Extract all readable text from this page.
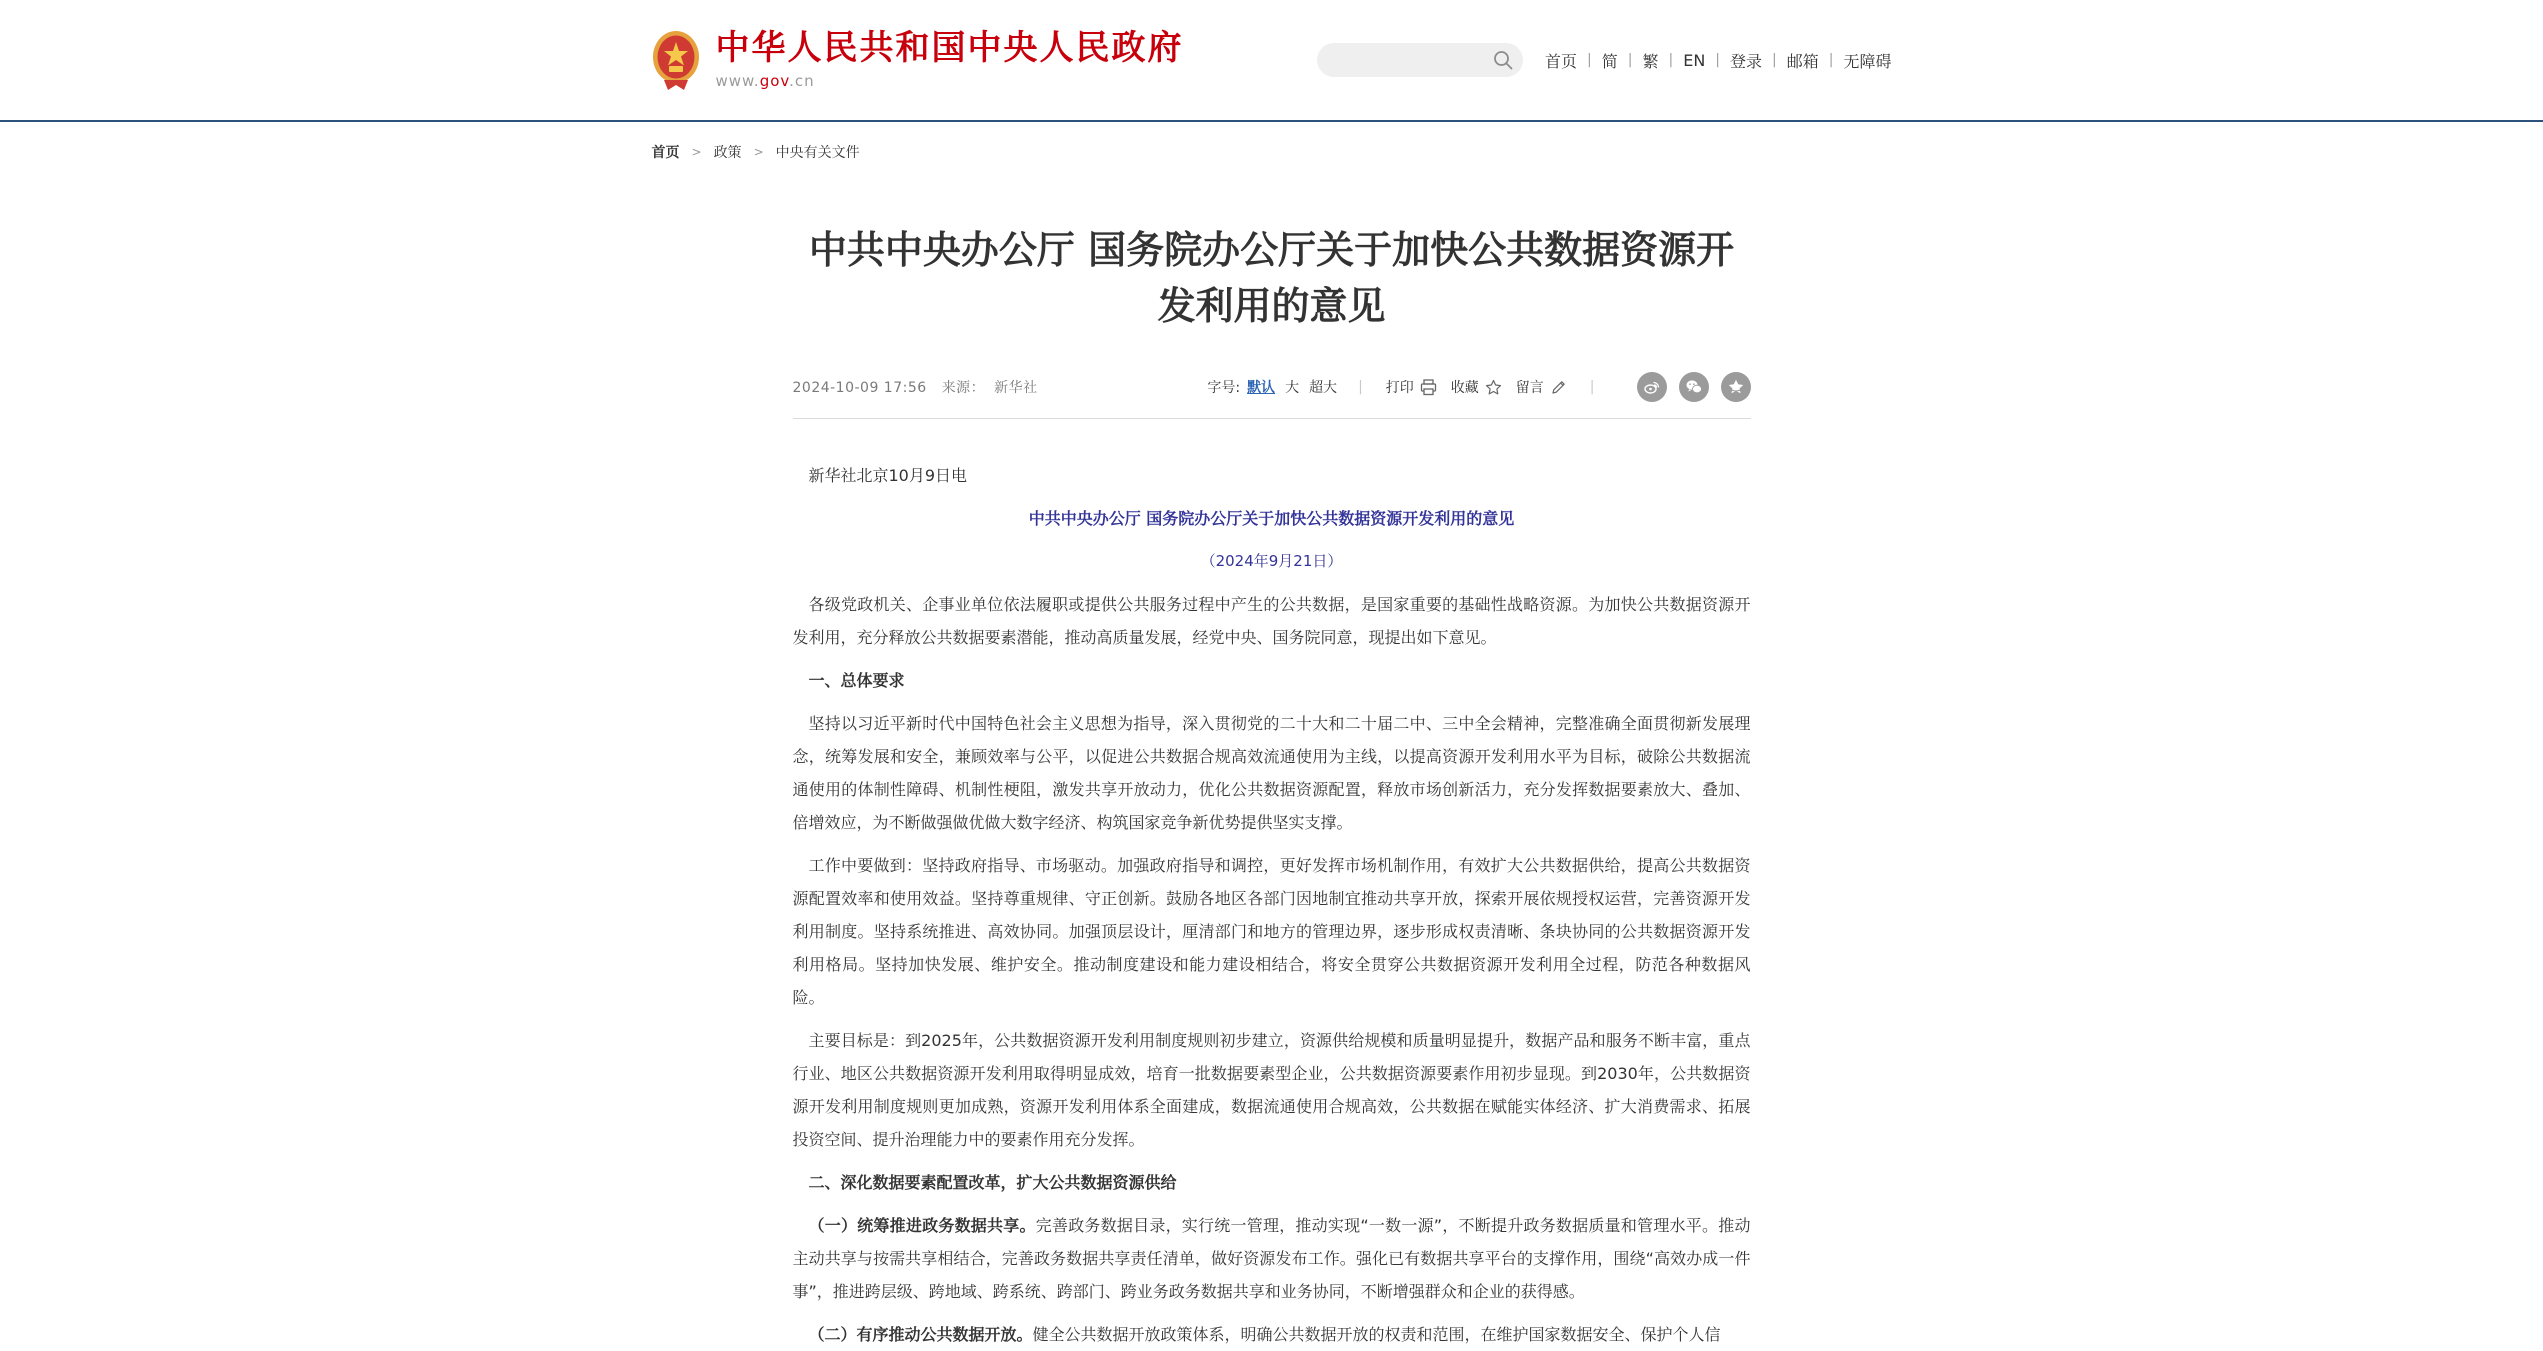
中华人民共和国中央人民政府
www.gov.cn
首页 | 简 | 繁 | EN | 登录 | 邮箱 | 无障碍
首页 > 政策 > 中央有关文件
中共中央办公厅 国务院办公厅关于加快公共数据资源开发利用的意见
2024-10-09 17:56 来源： 新华社	字号: 默认 大 超大 | 打印	收藏	留言	|

新华社北京10月9日电

中共中央办公厅 国务院办公厅关于加快公共数据资源开发利用的意见

（2024年9月21日）

各级党政机关、企事业单位依法履职或提供公共服务过程中产生的公共数据，是国家重要的基础性战略资源。为加快公共数据资源开发利用，充分释放公共数据要素潜能，推动高质量发展，经党中央、国务院同意，现提出如下意见。

一、总体要求

坚持以习近平新时代中国特色社会主义思想为指导，深入贯彻党的二十大和二十届二中、三中全会精神，完整准确全面贯彻新发展理念，统筹发展和安全，兼顾效率与公平，以促进公共数据合规高效流通使用为主线，以提高资源开发利用水平为目标，破除公共数据流通使用的体制性障碍、机制性梗阻，激发共享开放动力，优化公共数据资源配置，释放市场创新活力，充分发挥数据要素放大、叠加、倍增效应，为不断做强做优做大数字经济、构筑国家竞争新优势提供坚实支撑。

工作中要做到：坚持政府指导、市场驱动。加强政府指导和调控，更好发挥市场机制作用，有效扩大公共数据供给，提高公共数据资源配置效率和使用效益。坚持尊重规律、守正创新。鼓励各地区各部门因地制宜推动共享开放，探索开展依规授权运营，完善资源开发利用制度。坚持系统推进、高效协同。加强顶层设计，厘清部门和地方的管理边界，逐步形成权责清晰、条块协同的公共数据资源开发利用格局。坚持加快发展、维护安全。推动制度建设和能力建设相结合，将安全贯穿公共数据资源开发利用全过程，防范各种数据风险。

主要目标是：到2025年，公共数据资源开发利用制度规则初步建立，资源供给规模和质量明显提升，数据产品和服务不断丰富，重点行业、地区公共数据资源开发利用取得明显成效，培育一批数据要素型企业，公共数据资源要素作用初步显现。到2030年，公共数据资源开发利用制度规则更加成熟，资源开发利用体系全面建成，数据流通使用合规高效，公共数据在赋能实体经济、扩大消费需求、拓展投资空间、提升治理能力中的要素作用充分发挥。

二、深化数据要素配置改革，扩大公共数据资源供给

（一）统筹推进政务数据共享。完善政务数据目录，实行统一管理，推动实现“一数一源”，不断提升政务数据质量和管理水平。推动主动共享与按需共享相结合，完善政务数据共享责任清单，做好资源发布工作。强化已有数据共享平台的支撑作用，围绕“高效办成一件事”，推进跨层级、跨地域、跨系统、跨部门、跨业务政务数据共享和业务协同，不断增强群众和企业的获得感。

（二）有序推动公共数据开放。健全公共数据开放政策体系，明确公共数据开放的权责和范围，在维护国家数据安全、保护个人信
